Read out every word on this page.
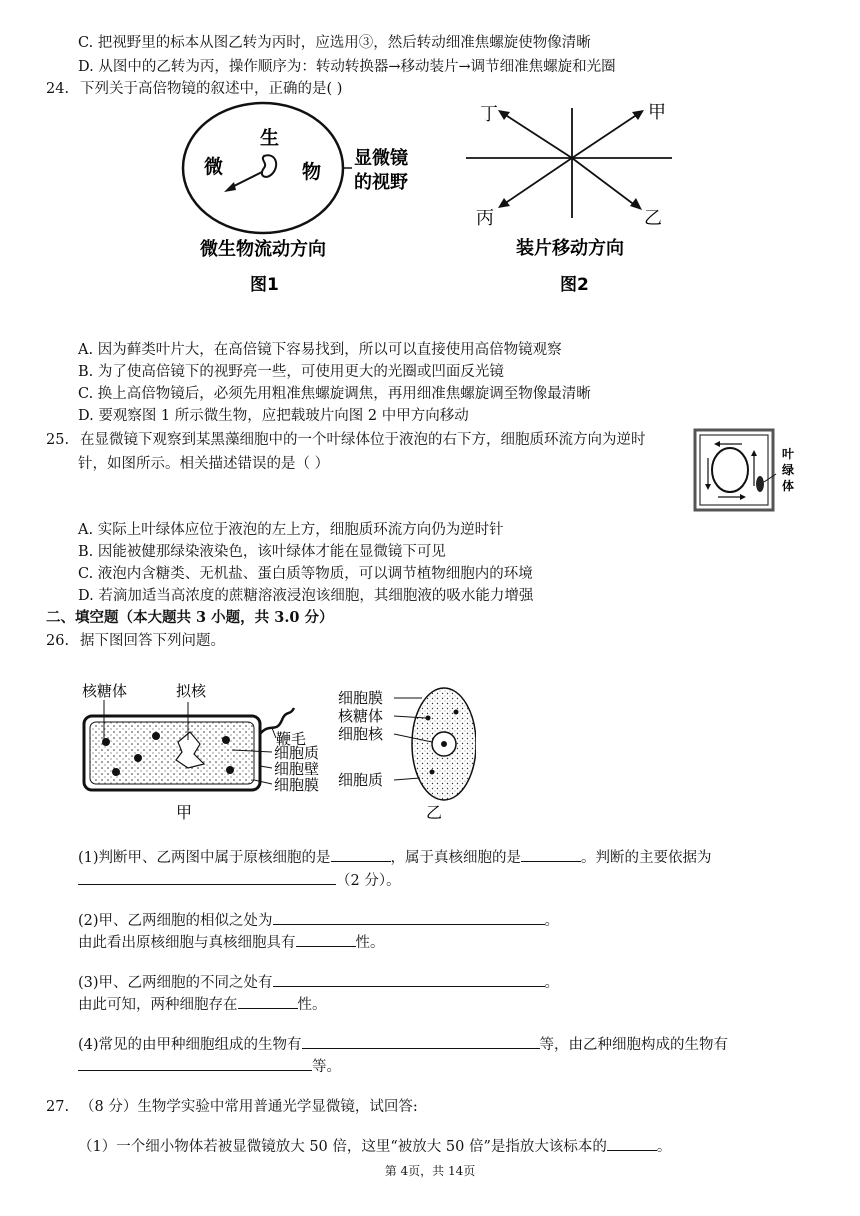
C. 把视野里的标本从图乙转为丙时，应选用③，然后转动细准焦螺旋使物像清晰
D. 从图中的乙转为丙，操作顺序为：转动转换器→移动装片→调节细准焦螺旋和光圈
24. 下列关于高倍物镜的叙述中，正确的是( )
生
微	物
显微镜
的视野
微生物流动方向
图1
丁	甲
丙	乙
装片移动方向
图2
A. 因为藓类叶片大，在高倍镜下容易找到，所以可以直接使用高倍物镜观察
B. 为了使高倍镜下的视野亮一些，可使用更大的光圈或凹面反光镜
C. 换上高倍物镜后，必须先用粗准焦螺旋调焦，再用细准焦螺旋调至物像最清晰
D. 要观察图 1 所示微生物，应把载玻片向图 2 中甲方向移动
25. 在显微镜下观察到某黑藻细胞中的一个叶绿体位于液泡的右下方，细胞质环流方向为逆时
针，如图所示。相关描述错误的是（ ）
叶
绿
体
A. 实际上叶绿体应位于液泡的左上方，细胞质环流方向仍为逆时针
B. 因能被健那绿染液染色，该叶绿体才能在显微镜下可见
C. 液泡内含糖类、无机盐、蛋白质等物质，可以调节植物细胞内的环境
D. 若滴加适当高浓度的蔗糖溶液浸泡该细胞，其细胞液的吸水能力增强
二、填空题（本大题共 3 小题，共 3.0 分）
26. 据下图回答下列问题。
核糖体	拟核
鞭毛
细胞质
细胞壁
细胞膜
甲
细胞膜
核糖体
细胞核
细胞质
乙
(1)判断甲、乙两图中属于原核细胞的是	，属于真核细胞的是	。判断的主要依据为
（2 分）。
(2)甲、乙两细胞的相似之处为	。
由此看出原核细胞与真核细胞具有	性。
(3)甲、乙两细胞的不同之处有	。
由此可知，两种细胞存在	性。
(4)常见的由甲种细胞组成的生物有	等，由乙种细胞构成的生物有
等。
27. （8 分）生物学实验中常用普通光学显微镜，试回答:
（1）一个细小物体若被显微镜放大 50 倍，这里“被放大 50 倍”是指放大该标本的	。
第 4页，共 14页
